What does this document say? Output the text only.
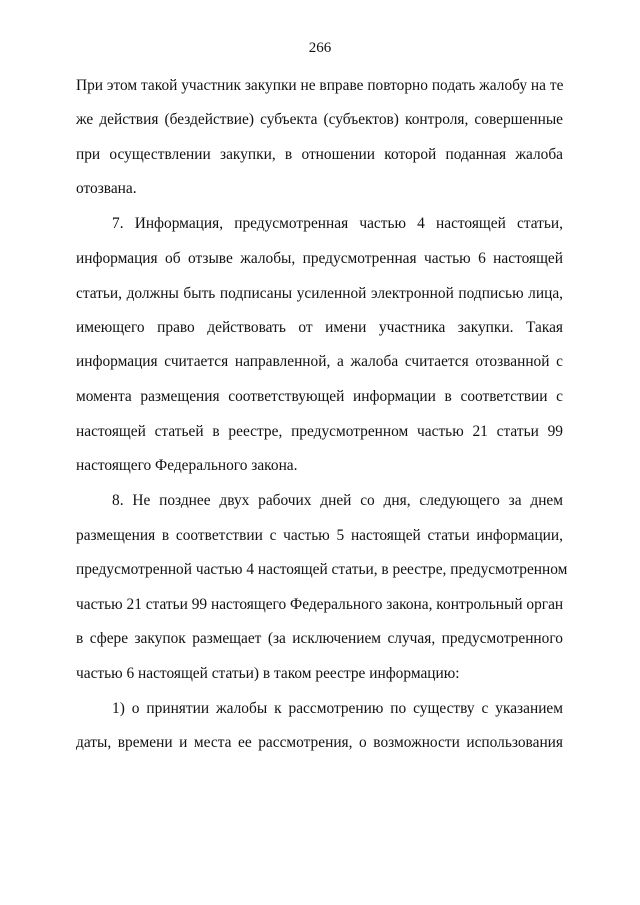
266
При этом такой участник закупки не вправе повторно подать жалобу на те
же действия (бездействие) субъекта (субъектов) контроля, совершенные
при осуществлении закупки, в отношении которой поданная жалоба
отозвана.
7. Информация, предусмотренная частью 4 настоящей статьи,
информация об отзыве жалобы, предусмотренная частью 6 настоящей
статьи, должны быть подписаны усиленной электронной подписью лица,
имеющего право действовать от имени участника закупки. Такая
информация считается направленной, а жалоба считается отозванной с
момента размещения соответствующей информации в соответствии с
настоящей статьей в реестре, предусмотренном частью 21 статьи 99
настоящего Федерального закона.
8. Не позднее двух рабочих дней со дня, следующего за днем
размещения в соответствии с частью 5 настоящей статьи информации,
предусмотренной частью 4 настоящей статьи, в реестре, предусмотренном
частью 21 статьи 99 настоящего Федерального закона, контрольный орган
в сфере закупок размещает (за исключением случая, предусмотренного
частью 6 настоящей статьи) в таком реестре информацию:
1) о принятии жалобы к рассмотрению по существу с указанием
даты, времени и места ее рассмотрения, о возможности использования
